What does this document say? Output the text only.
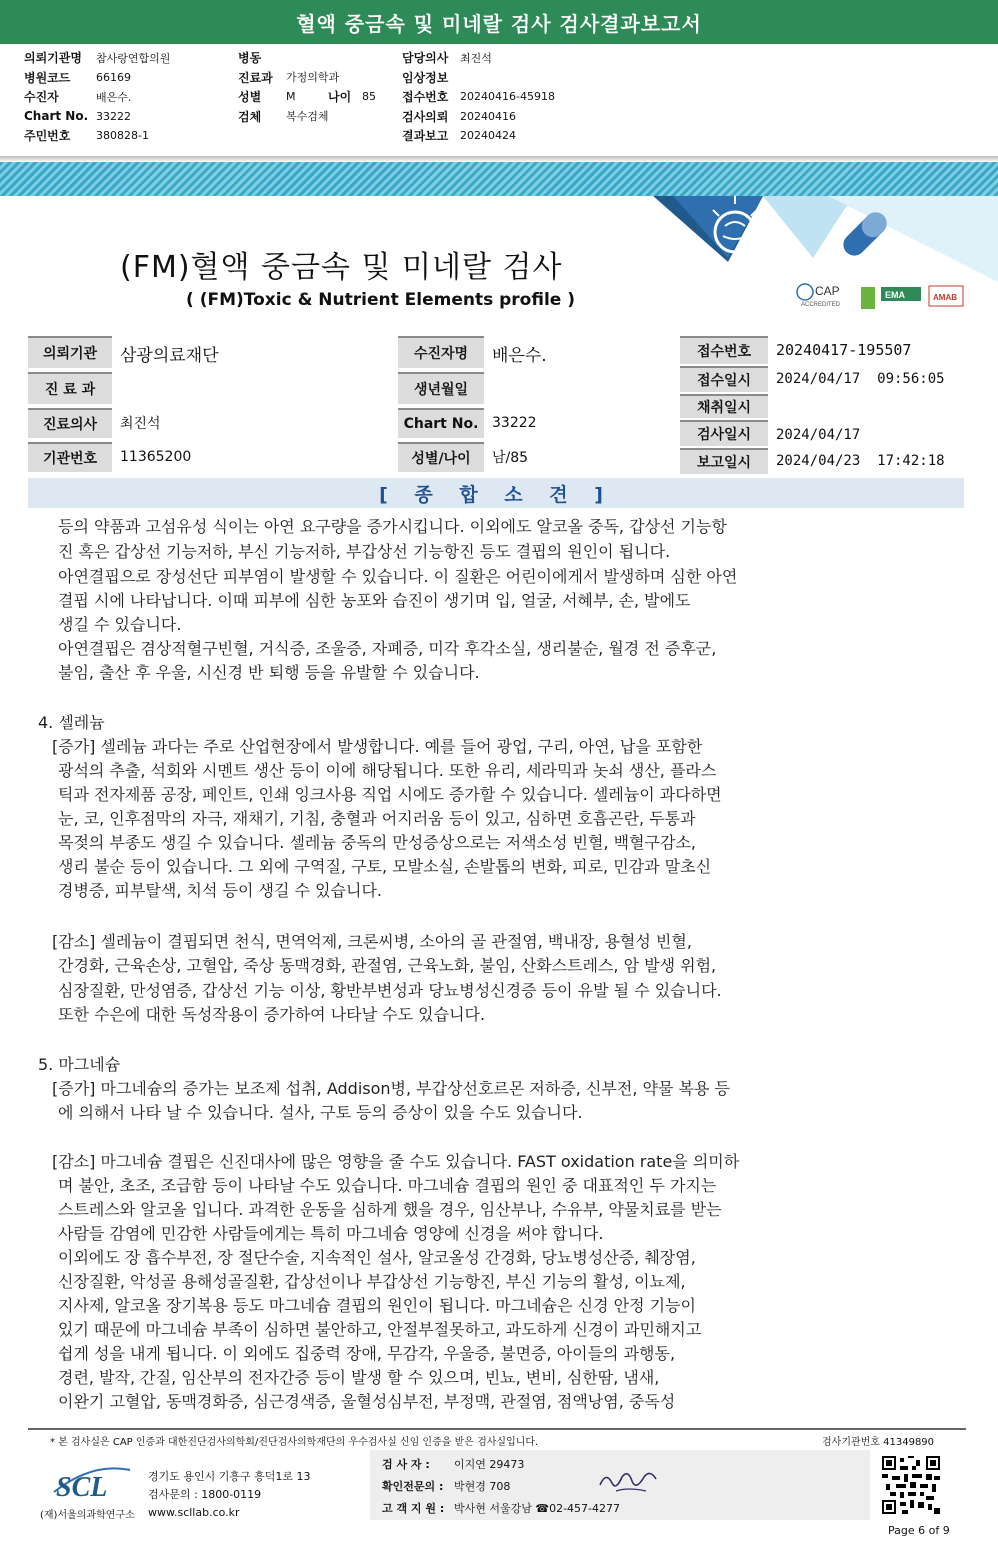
혈액 중금속 및 미네랄 검사 검사결과보고서
의뢰기관명	참사랑연합의원
병원코드	66169
수진자	배은수.
Chart No. 33222
주민번호	380828-1
병동
진료과	가정의학과
성별	M	나이 85
검체	복수검체
담당의사	최진석
임상정보
접수번호	20240416-45918
검사의뢰	20240416
결과보고	20240424
CAP
ACCREDITED
EMA	AMAB
(FM)혈액 중금속 및 미네랄 검사
( (FM)Toxic & Nutrient Elements profile )
의뢰기관	삼광의료재단
진 료 과
진료의사	최진석
기관번호	11365200
수진자명	배은수.
생년월일
Chart No. 33222
성별/나이	남/85
접수번호	20240417-195507
접수일시	2024/04/17  09:56:05
채취일시
검사일시	2024/04/17
보고일시	2024/04/23  17:42:18
[ 종 합 소 견 ]
등의 약품과 고섬유성 식이는 아연 요구량을 증가시킵니다. 이외에도 알코올 중독, 갑상선 기능항
진 혹은 갑상선 기능저하, 부신 기능저하, 부갑상선 기능항진 등도 결핍의 원인이 됩니다.
아연결핍으로 장성선단 피부염이 발생할 수 있습니다. 이 질환은 어린이에게서 발생하며 심한 아연
결핍 시에 나타납니다. 이때 피부에 심한 농포와 습진이 생기며 입, 얼굴, 서혜부, 손, 발에도
생길 수 있습니다.
아연결핍은 겸상적혈구빈혈, 거식증, 조울증, 자폐증, 미각 후각소실, 생리불순, 월경 전 증후군,
불임, 출산 후 우울, 시신경 반 퇴행 등을 유발할 수 있습니다.
4. 셀레늄
[증가] 셀레늄 과다는 주로 산업현장에서 발생합니다. 예를 들어 광업, 구리, 아연, 납을 포함한
광석의 추출, 석회와 시멘트 생산 등이 이에 해당됩니다. 또한 유리, 세라믹과 놋쇠 생산, 플라스
틱과 전자제품 공장, 페인트, 인쇄 잉크사용 직업 시에도 증가할 수 있습니다. 셀레늄이 과다하면
눈, 코, 인후점막의 자극, 재채기, 기침, 충혈과 어지러움 등이 있고, 심하면 호흡곤란, 두통과
목젖의 부종도 생길 수 있습니다. 셀레늄 중독의 만성증상으로는 저색소성 빈혈, 백혈구감소,
생리 불순 등이 있습니다. 그 외에 구역질, 구토, 모발소실, 손발톱의 변화, 피로, 민감과 말초신
경병증, 피부탈색, 치석 등이 생길 수 있습니다.
[감소] 셀레늄이 결핍되면 천식, 면역억제, 크론씨병, 소아의 골 관절염, 백내장, 용혈성 빈혈,
간경화, 근육손상, 고혈압, 죽상 동맥경화, 관절염, 근육노화, 불임, 산화스트레스, 암 발생 위험,
심장질환, 만성염증, 갑상선 기능 이상, 황반부변성과 당뇨병성신경증 등이 유발 될 수 있습니다.
또한 수은에 대한 독성작용이 증가하여 나타날 수도 있습니다.
5. 마그네슘
[증가] 마그네슘의 증가는 보조제 섭취, Addison병, 부갑상선호르몬 저하증, 신부전, 약물 복용 등
에 의해서 나타 날 수 있습니다. 설사, 구토 등의 증상이 있을 수도 있습니다.
[감소] 마그네슘 결핍은 신진대사에 많은 영향을 줄 수도 있습니다. FAST oxidation rate을 의미하
며 불안, 초조, 조급함 등이 나타날 수도 있습니다. 마그네슘 결핍의 원인 중 대표적인 두 가지는
스트레스와 알코올 입니다. 과격한 운동을 심하게 했을 경우, 임산부나, 수유부, 약물치료를 받는
사람들 감염에 민감한 사람들에게는 특히 마그네슘 영양에 신경을 써야 합니다.
이외에도 장 흡수부전, 장 절단수술, 지속적인 설사, 알코올성 간경화, 당뇨병성산증, 췌장염,
신장질환, 악성골 용해성골질환, 갑상선이나 부갑상선 기능항진, 부신 기능의 활성, 이뇨제,
지사제, 알코올 장기복용 등도 마그네슘 결핍의 원인이 됩니다. 마그네슘은 신경 안정 기능이
있기 때문에 마그네슘 부족이 심하면 불안하고, 안절부절못하고, 과도하게 신경이 과민해지고
쉽게 성을 내게 됩니다. 이 외에도 집중력 장애, 무감각, 우울증, 불면증, 아이들의 과행동,
경련, 발작, 간질, 임산부의 전자간증 등이 발생 할 수 있으며, 빈뇨, 변비, 심한땀, 냄새,
이완기 고혈압, 동맥경화증, 심근경색증, 울혈성심부전, 부정맥, 관절염, 점액낭염, 중독성
* 본 검사실은 CAP 인증과 대한진단검사의학회/진단검사의학재단의 우수검사실 신임 인증을 받은 검사실입니다.	검사기관번호 41349890
SCL
(재)서울의과학연구소
경기도 용인시 기흥구 흥덕1로 13
검사문의 : 1800-0119
www.scllab.co.kr
검 사 자 : 이지연 29473
확인전문의 : 박현경 708
고 객 지 원 : 박사현 서울강남 ☎02-457-4277
Page 6 of 9
